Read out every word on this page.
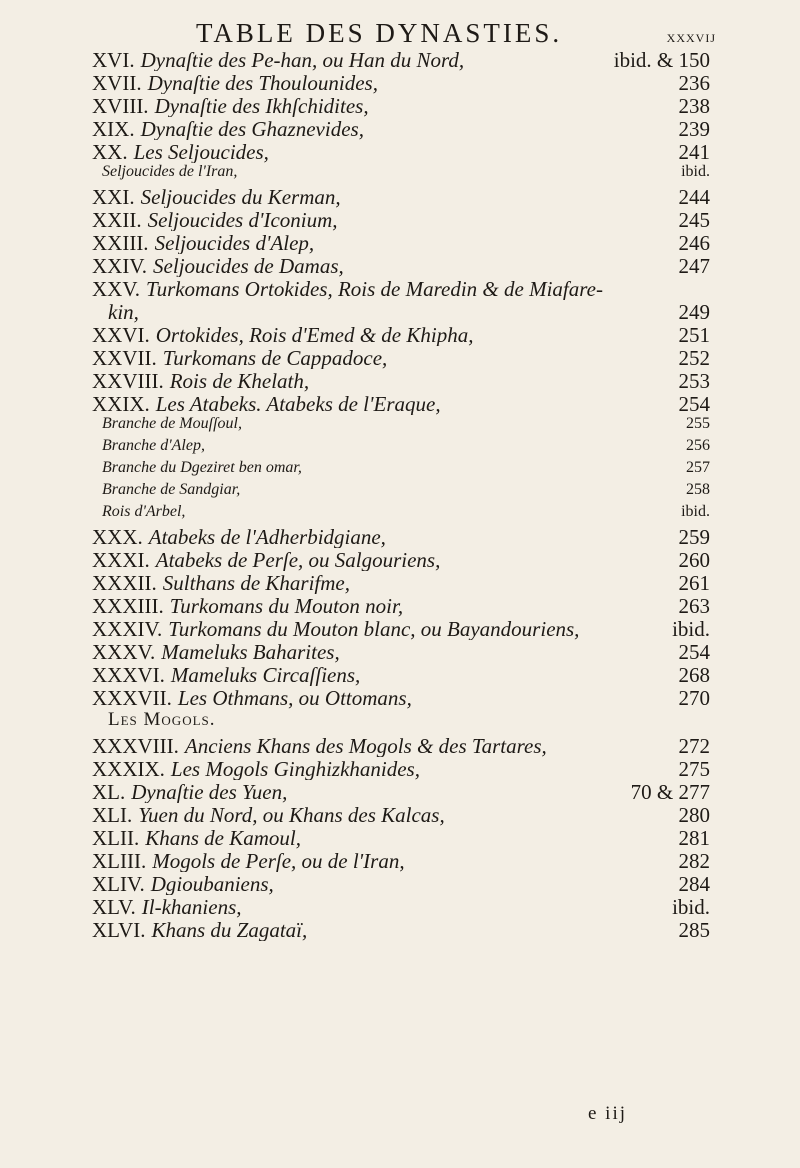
TABLE DES DYNASTIES.	xxxvij
XVI. Dynaſtie des Pe-han, ou Han du Nord,	ibid. & 150
XVII. Dynaſtie des Thoulounides,	236
XVIII. Dynaſtie des Ikhſchidites,	238
XIX. Dynaſtie des Ghaznevides,	239
XX. Les Seljoucides,	241
Seljoucides de l'Iran,	ibid.
XXI. Seljoucides du Kerman,	244
XXII. Seljoucides d'Iconium,	245
XXIII. Seljoucides d'Alep,	246
XXIV. Seljoucides de Damas,	247
XXV. Turkomans Ortokides, Rois de Maredin & de Miafare-
kin,	249
XXVI. Ortokides, Rois d'Emed & de Khipha,	251
XXVII. Turkomans de Cappadoce,	252
XXVIII. Rois de Khelath,	253
XXIX. Les Atabeks. Atabeks de l'Eraque,	254
Branche de Mouſſoul,	255
Branche d'Alep,	256
Branche du Dgeziret ben omar,	257
Branche de Sandgiar,	258
Rois d'Arbel,	ibid.
XXX. Atabeks de l'Adherbidgiane,	259
XXXI. Atabeks de Perſe, ou Salgouriens,	260
XXXII. Sulthans de Kharifme,	261
XXXIII. Turkomans du Mouton noir,	263
XXXIV. Turkomans du Mouton blanc, ou Bayandouriens,	ibid.
XXXV. Mameluks Baharites,	254
XXXVI. Mameluks Circaſſiens,	268
XXXVII. Les Othmans, ou Ottomans,	270
Les Mogols.
XXXVIII. Anciens Khans des Mogols & des Tartares,	272
XXXIX. Les Mogols Ginghizkhanides,	275
XL. Dynaſtie des Yuen,	70 & 277
XLI. Yuen du Nord, ou Khans des Kalcas,	280
XLII. Khans de Kamoul,	281
XLIII. Mogols de Perſe, ou de l'Iran,	282
XLIV. Dgioubaniens,	284
XLV. Il-khaniens,	ibid.
XLVI. Khans du Zagataï,	285
e iij
